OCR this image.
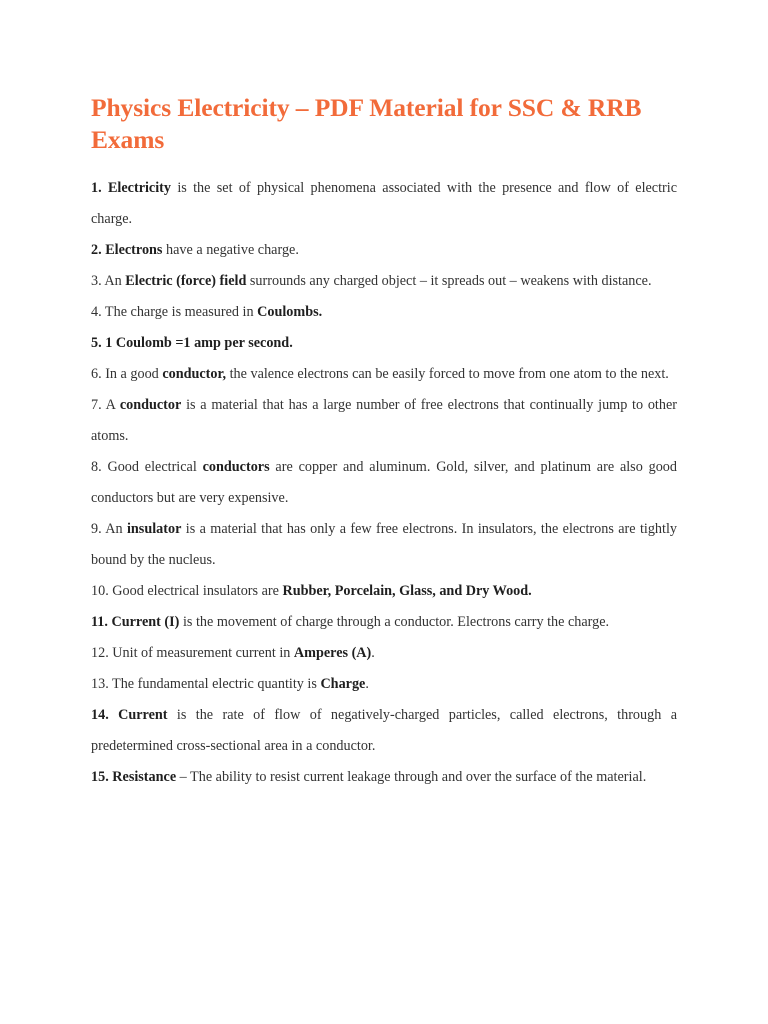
Physics Electricity – PDF Material for SSC & RRB Exams

1. Electricity is the set of physical phenomena associated with the presence and flow of electric charge.

2. Electrons have a negative charge.

3. An Electric (force) field surrounds any charged object – it spreads out – weakens with distance.

4. The charge is measured in Coulombs.

5. 1 Coulomb =1 amp per second.

6. In a good conductor, the valence electrons can be easily forced to move from one atom to the next.

7. A conductor is a material that has a large number of free electrons that continually jump to other atoms.

8. Good electrical conductors are copper and aluminum. Gold, silver, and platinum are also good conductors but are very expensive.

9. An insulator is a material that has only a few free electrons. In insulators, the electrons are tightly bound by the nucleus.

10. Good electrical insulators are Rubber, Porcelain, Glass, and Dry Wood.

11. Current (I) is the movement of charge through a conductor. Electrons carry the charge.

12. Unit of measurement current in Amperes (A).

13. The fundamental electric quantity is Charge.

14. Current is the rate of flow of negatively-charged particles, called electrons, through a predetermined cross-sectional area in a conductor.

15. Resistance – The ability to resist current leakage through and over the surface of the material.
